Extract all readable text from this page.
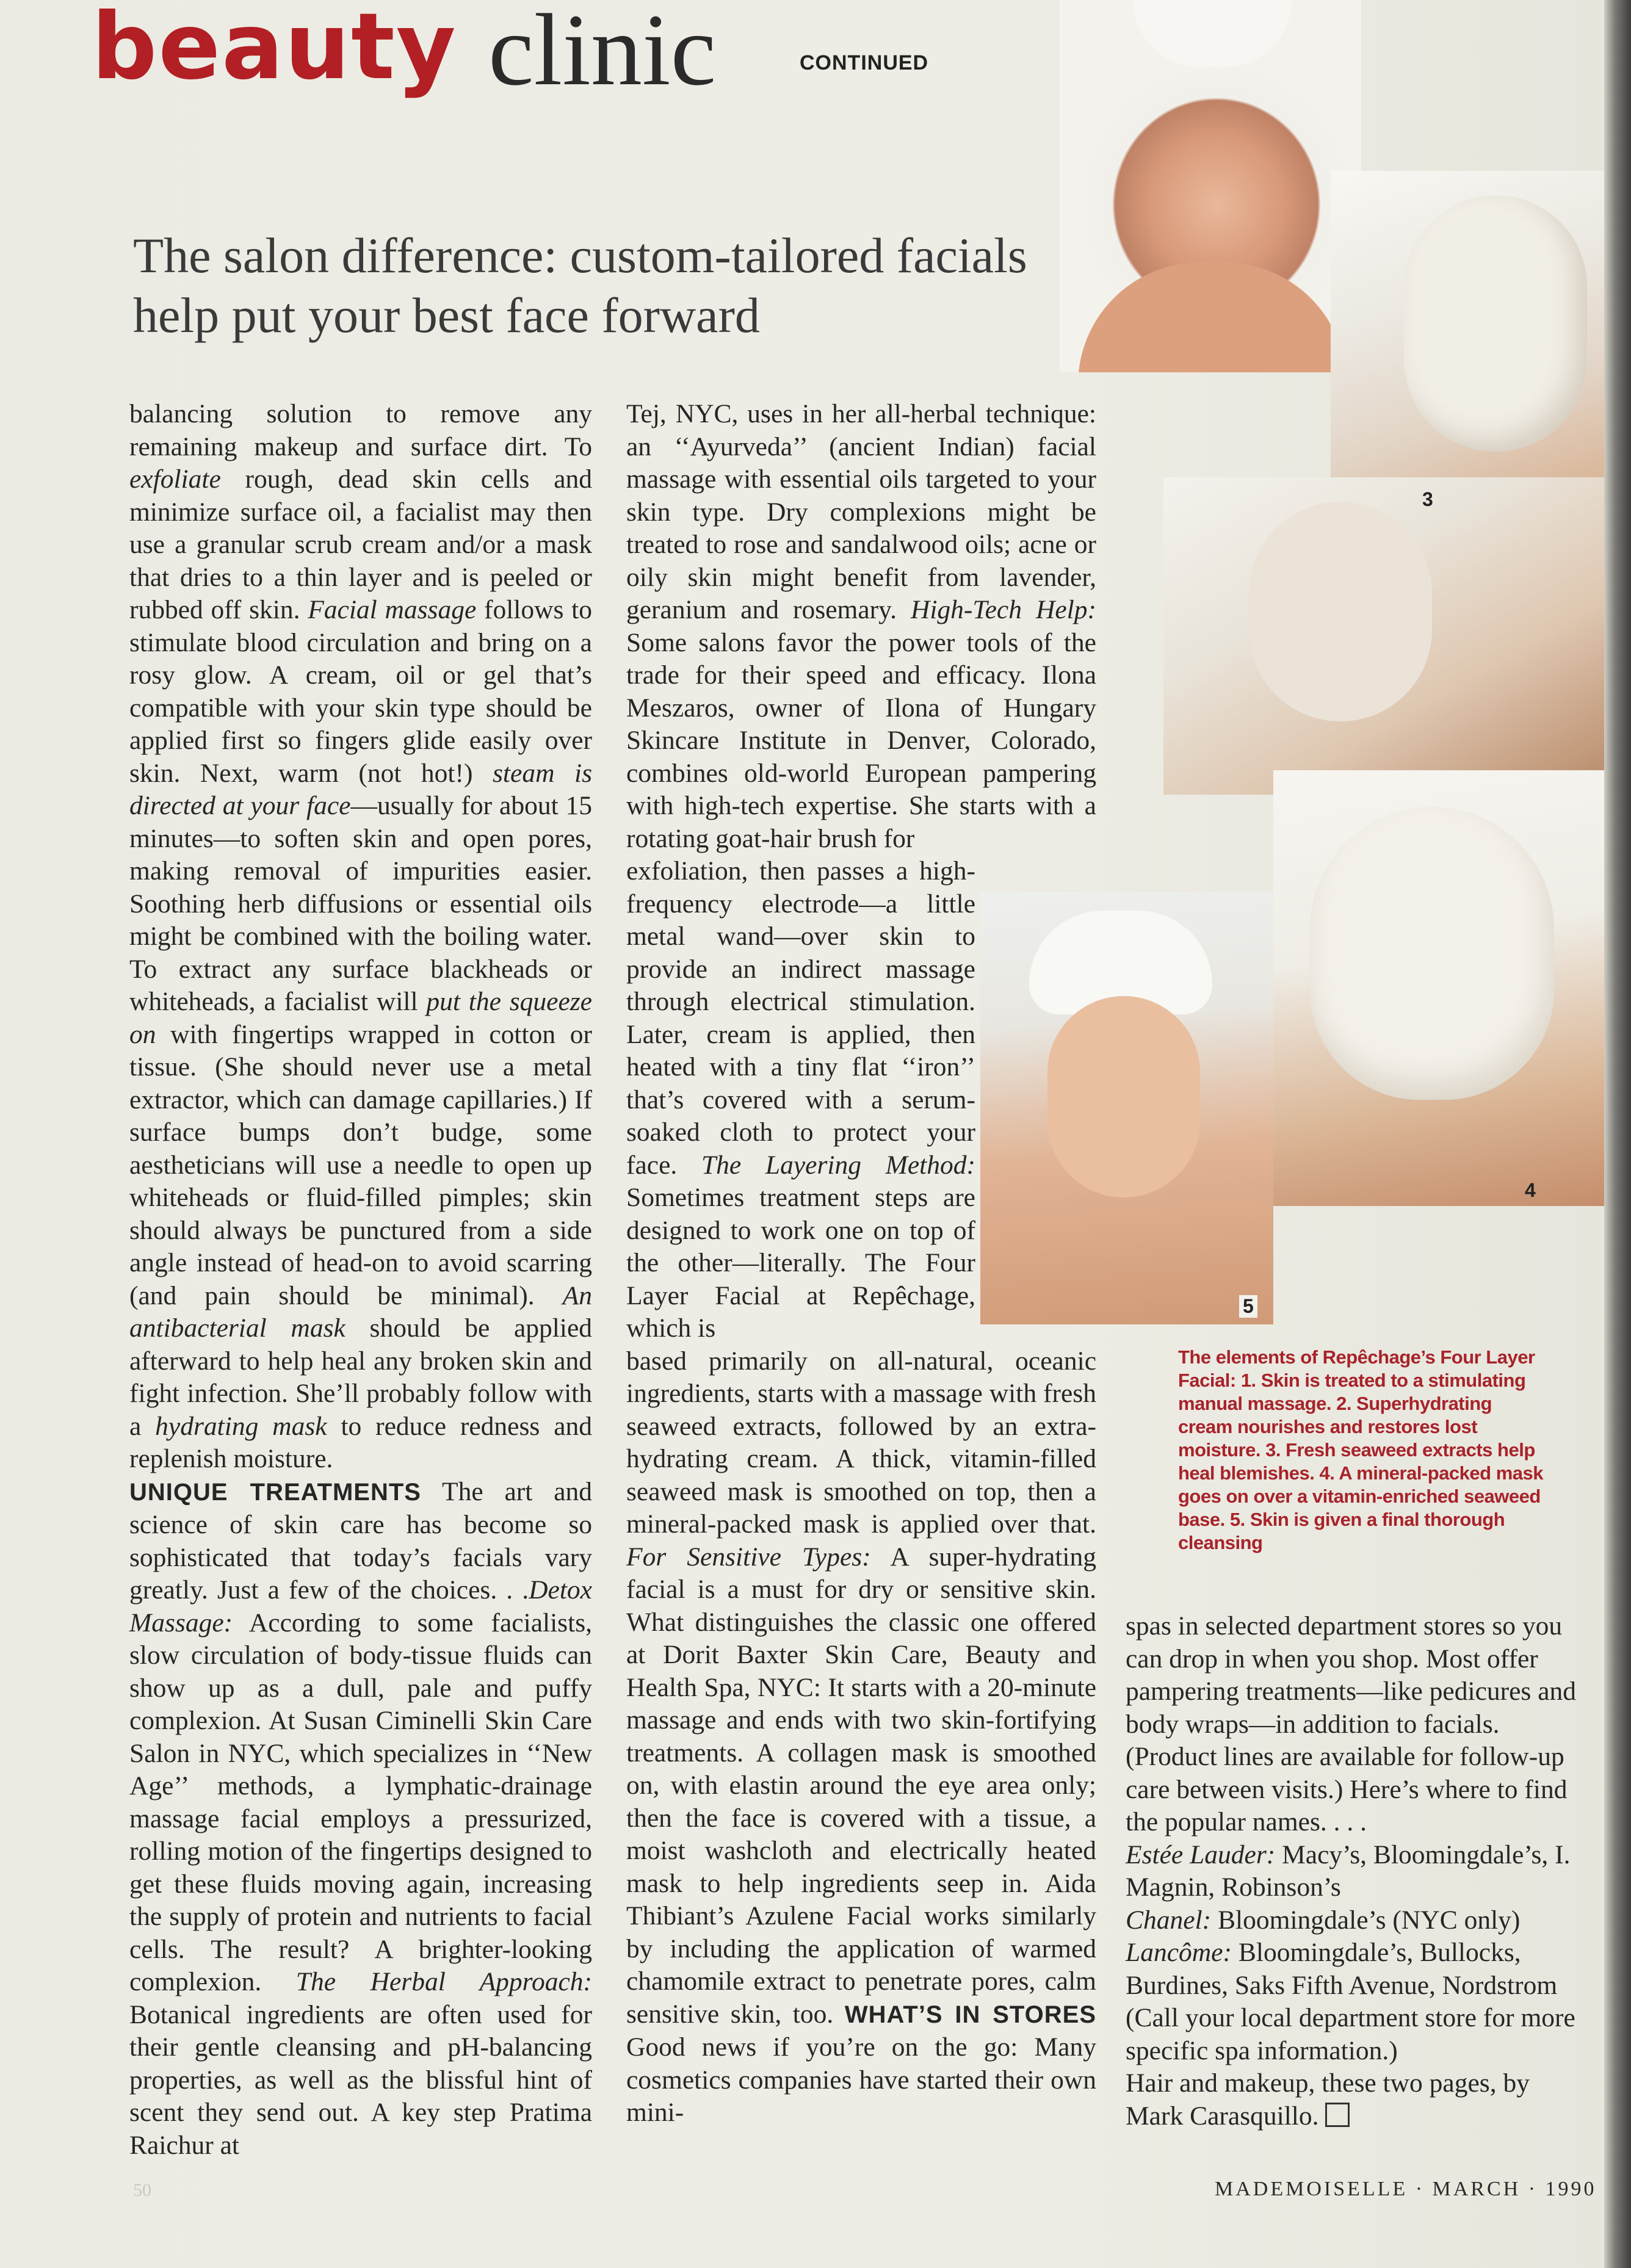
3
4
5
beauty clinic	CONTINUED
The salon difference: custom-tailored facials
help put your best face forward

balancing solution to remove any remaining makeup and surface dirt. To exfoliate rough, dead skin cells and minimize surface oil, a facialist may then use a granular scrub cream and/or a mask that dries to a thin layer and is peeled or rubbed off skin. Facial massage follows to stimulate blood circulation and bring on a rosy glow. A cream, oil or gel that’s compatible with your skin type should be applied first so fingers glide easily over skin. Next, warm (not hot!) steam is directed at your face—usually for about 15 minutes—to soften skin and open pores, making removal of impurities easier. Soothing herb diffusions or essential oils might be combined with the boiling water. To extract any surface blackheads or whiteheads, a facialist will put the squeeze on with fingertips wrapped in cotton or tissue. (She should never use a metal extractor, which can damage capillaries.) If surface bumps don’t budge, some aestheticians will use a needle to open up whiteheads or fluid-filled pimples; skin should always be punctured from a side angle instead of head-on to avoid scarring (and pain should be minimal). An antibacterial mask should be applied afterward to help heal any broken skin and fight infection. She’ll probably follow with a hydrating mask to reduce redness and replenish moisture.

UNIQUE TREATMENTS The art and science of skin care has become so sophisticated that today’s facials vary greatly. Just a few of the choices. . .Detox Massage: According to some facialists, slow circulation of body-tissue fluids can show up as a dull, pale and puffy complexion. At Susan Ciminelli Skin Care Salon in NYC, which specializes in ‘‘New Age’’ methods, a lymphatic-drainage massage facial employs a pressurized, rolling motion of the fingertips designed to get these fluids moving again, increasing the supply of protein and nutrients to facial cells. The result? A brighter-looking complexion. The Herbal Approach: Botanical ingredients are often used for their gentle cleansing and pH-balancing properties, as well as the blissful hint of scent they send out. A key step Pratima Raichur at

Tej, NYC, uses in her all-herbal technique: an ‘‘Ayurveda’’ (ancient Indian) facial massage with essential oils targeted to your skin type. Dry complexions might be treated to rose and sandalwood oils; acne or oily skin might benefit from lavender, geranium and rosemary. High-Tech Help: Some salons favor the power tools of the trade for their speed and efficacy. Ilona Meszaros, owner of Ilona of Hungary Skincare Institute in Denver, Colorado, combines old-world European pampering with high-tech expertise. She starts with a rotating goat-hair brush for

exfoliation, then passes a high-frequency electrode—a little metal wand—over skin to provide an indirect massage through electrical stimulation. Later, cream is applied, then heated with a tiny flat ‘‘iron’’ that’s covered with a serum-soaked cloth to protect your face. The Layering Method: Sometimes treatment steps are designed to work one on top of the other—literally. The Four Layer Facial at Repêchage, which is

based primarily on all-natural, oceanic ingredients, starts with a massage with fresh seaweed extracts, followed by an extra-hydrating cream. A thick, vitamin-filled seaweed mask is smoothed on top, then a mineral-packed mask is applied over that. For Sensitive Types: A super-hydrating facial is a must for dry or sensitive skin. What distinguishes the classic one offered at Dorit Baxter Skin Care, Beauty and Health Spa, NYC: It starts with a 20-minute massage and ends with two skin-fortifying treatments. A collagen mask is smoothed on, with elastin around the eye area only; then the face is covered with a tissue, a moist washcloth and electrically heated mask to help ingredients seep in. Aida Thibiant’s Azulene Facial works similarly by including the application of warmed chamomile extract to penetrate pores, calm sensitive skin, too. WHAT’S IN STORES Good news if you’re on the go: Many cosmetics companies have started their own mini-

The elements of Repêchage’s Four Layer Facial: 1. Skin is treated to a stimulating manual massage. 2. Superhydrating cream nourishes and restores lost moisture. 3. Fresh seaweed extracts help heal blemishes. 4. A mineral-packed mask goes on over a vitamin-enriched seaweed base. 5. Skin is given a final thorough cleansing

spas in selected department stores so you can drop in when you shop. Most offer pampering treatments—like pedicures and body wraps—in addition to facials. (Product lines are available for follow-up care between visits.) Here’s where to find the popular names. . . .

Estée Lauder: Macy’s, Bloomingdale’s, I. Magnin, Robinson’s

Chanel: Bloomingdale’s (NYC only)

Lancôme: Bloomingdale’s, Bullocks, Burdines, Saks Fifth Avenue, Nordstrom (Call your local department store for more specific spa information.)

Hair and makeup, these two pages, by Mark Carasquillo.

50	MADEMOISELLE · MARCH · 1990
